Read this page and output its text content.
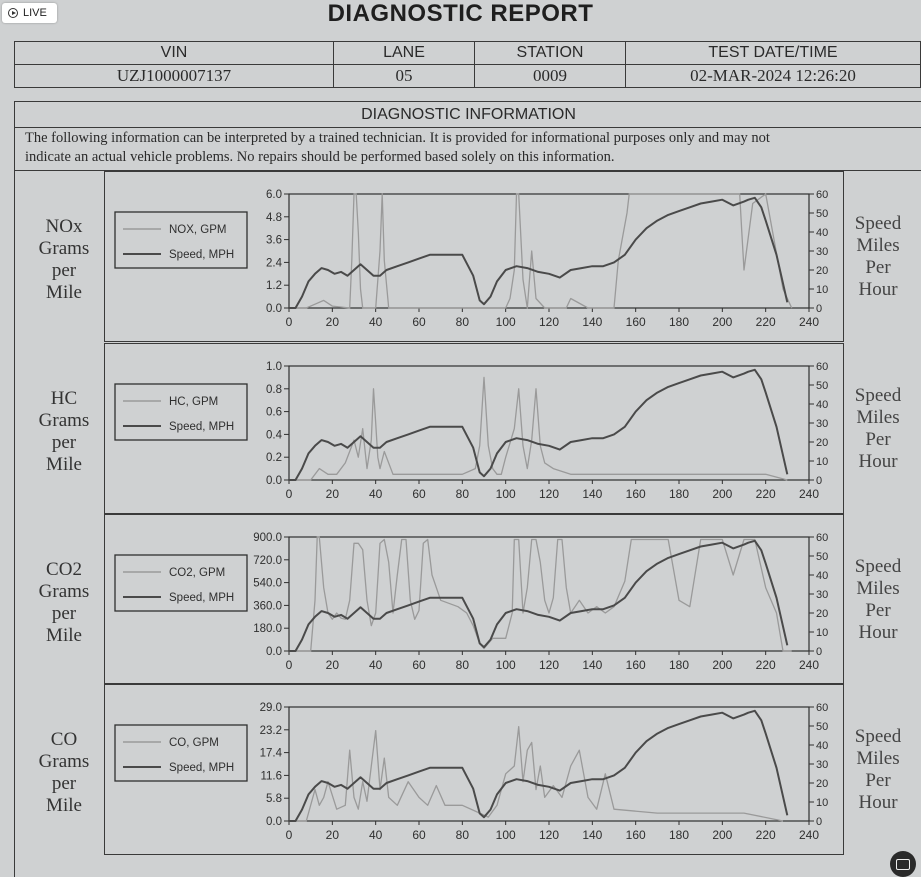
LIVE	DIAGNOSTIC REPORT
VIN	LANE	STATION	TEST DATE/TIME
UZJ1000007137	05	0009	02-MAR-2024 12:26:20
DIAGNOSTIC INFORMATION
The following information can be interpreted by a trained technician. It is provided for informational purposes only and may not
indicate an actual vehicle problems. No repairs should be performed based solely on this information.
NOx
Grams
per
Mile
Speed
Miles
Per
Hour
0.0
1.2
2.4
3.6
4.8
6.0
0
10
20
30
40
50
60
0	20 40 60 80 100 120 140 160 180 200 220 240
NOX, GPM
Speed, MPH
HC
Grams
per
Mile
Speed
Miles
Per
Hour
0.0
0.2
0.4
0.6
0.8
1.0
0
10
20
30
40
50
60
0	20 40 60 80 100 120 140 160 180 200 220 240
HC, GPM
Speed, MPH
CO2
Grams
per
Mile
Speed
Miles
Per
Hour
0.0
180.0
360.0
540.0
720.0
900.0
0
10
20
30
40
50
60
0	20 40 60 80 100 120 140 160 180 200 220 240
CO2, GPM
Speed, MPH
CO
Grams
per
Mile
Speed
Miles
Per
Hour
0.0
5.8
11.6
17.4
23.2
29.0
0
10
20
30
40
50
60
0	20 40 60 80 100 120 140 160 180 200 220 240
CO, GPM
Speed, MPH
